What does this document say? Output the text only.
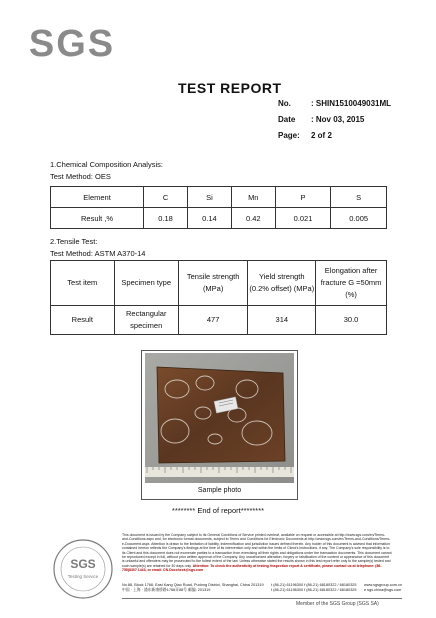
SGS
TEST REPORT
No.	: SHIN1510049031ML
Date	: Nov 03, 2015
Page:	2 of 2
1.Chemical Composition Analysis:
Test Method: OES
Element	C	Si	Mn	P	S
Result ,%	0.18	0.14	0.42	0.021	0.005
2.Tensile Test:
Test Method: ASTM A370-14
Test item	Specimen type	Tensile strength (MPa)	Yield strength (0.2% offset) (MPa)	Elongation after fracture G =50mm (%)
Result	Rectangular specimen	477	314	30.0
Sample photo
******** End of report********
SGS
Testing Service
This document is issued by the Company subject to its General Conditions of Service printed overleaf, available on request or accessible at http://www.sgs.com/en/Terms-and-Conditions.aspx and, for electronic format documents, subject to Terms and Conditions for Electronic Documents at http://www.sgs.com/en/Terms-and-Conditions/Terms-e-Document.aspx. Attention is drawn to the limitation of liability, indemnification and jurisdiction issues defined therein. Any holder of this document is advised that information contained hereon reflects the Company's findings at the time of its intervention only and within the limits of Client's instructions, if any. The Company's sole responsibility is to its Client and this document does not exonerate parties to a transaction from exercising all their rights and obligations under the transaction documents. This document cannot be reproduced except in full, without prior written approval of the Company. Any unauthorized alteration, forgery or falsification of the content or appearance of this document is unlawful and offenders may be prosecuted to the fullest extent of the law. Unless otherwise stated the results shown in this test report refer only to the sample(s) tested and such sample(s) are retained for 30 days only. Attention: To check the authenticity of testing /inspection report & certificate, please contact us at telephone: (86-755)8307 1443, or email: CN.Doccheck@sgs.com
No.88, Block 1768, East Kang Qiao Road, Pudong District, Shanghai, China 201319
中国 · 上海 · 浦东新康桥路1768弄88号 邮编: 201319
t (86-21) 61196300 f (86-21) 68180322 / 68180325
t (86-21) 61196300 f (86-21) 68180322 / 68180325
www.sgsgroup.com.cn
e sgs.china@sgs.com
Member of the SGS Group (SGS SA)
